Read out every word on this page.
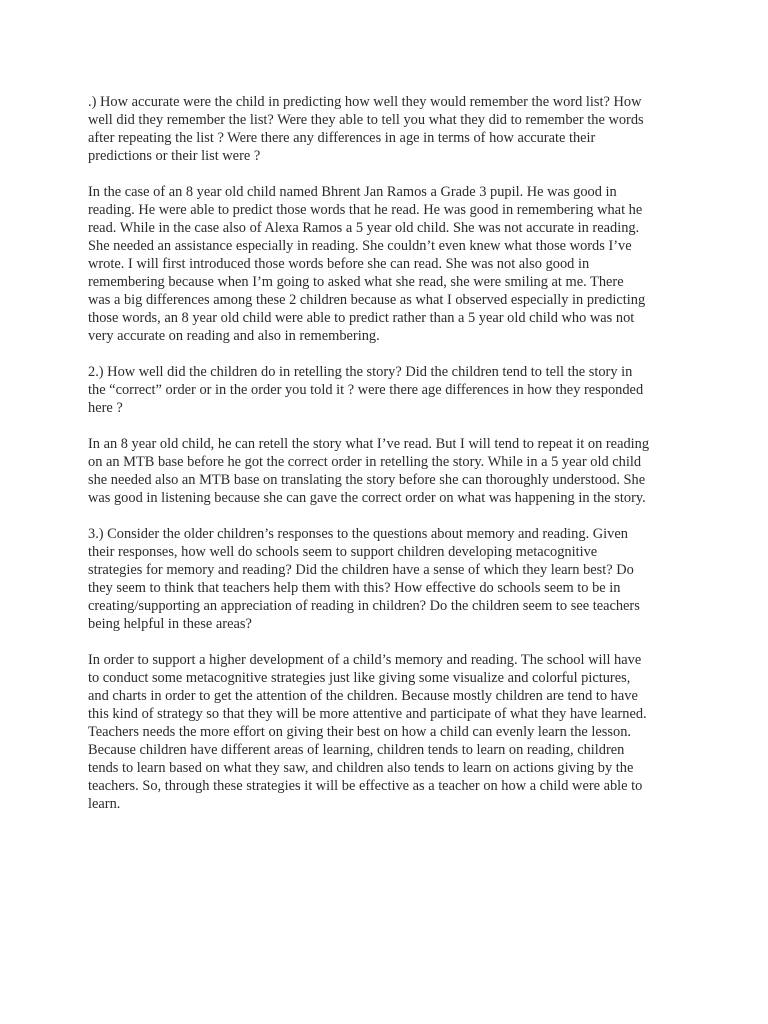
.) How accurate were the child in predicting how well they would remember the word list? How
well did they remember the list? Were they able to tell you what they did to remember the words
after repeating the list ? Were there any differences in age in terms of how accurate their
predictions or their list were ?
In the case of an 8 year old child named Bhrent Jan Ramos a Grade 3 pupil. He was good in
reading. He were able to predict those words that he read. He was good in remembering what he
read. While in the case also of Alexa Ramos a 5 year old child. She was not accurate in reading.
She needed an assistance especially in reading. She couldn’t even knew what those words I’ve
wrote. I will first introduced those words before she can read. She was not also good in
remembering because when I’m going to asked what she read, she were smiling at me. There
was a big differences among these 2 children because as what I observed especially in predicting
those words, an 8 year old child were able to predict rather than a 5 year old child who was not
very accurate on reading and also in remembering.
2.) How well did the children do in retelling the story? Did the children tend to tell the story in
the “correct” order or in the order you told it ? were there age differences in how they responded
here ?
In an 8 year old child, he can retell the story what I’ve read. But I will tend to repeat it on reading
on an MTB base before he got the correct order in retelling the story. While in a 5 year old child
she needed also an MTB base on translating the story before she can thoroughly understood. She
was good in listening because she can gave the correct order on what was happening in the story.
3.) Consider the older children’s responses to the questions about memory and reading. Given
their responses, how well do schools seem to support children developing metacognitive
strategies for memory and reading? Did the children have a sense of which they learn best? Do
they seem to think that teachers help them with this? How effective do schools seem to be in
creating/supporting an appreciation of reading in children? Do the children seem to see teachers
being helpful in these areas?
In order to support a higher development of a child’s memory and reading. The school will have
to conduct some metacognitive strategies just like giving some visualize and colorful pictures,
and charts in order to get the attention of the children. Because mostly children are tend to have
this kind of strategy so that they will be more attentive and participate of what they have learned.
Teachers needs the more effort on giving their best on how a child can evenly learn the lesson.
Because children have different areas of learning, children tends to learn on reading, children
tends to learn based on what they saw, and children also tends to learn on actions giving by the
teachers. So, through these strategies it will be effective as a teacher on how a child were able to
learn.
